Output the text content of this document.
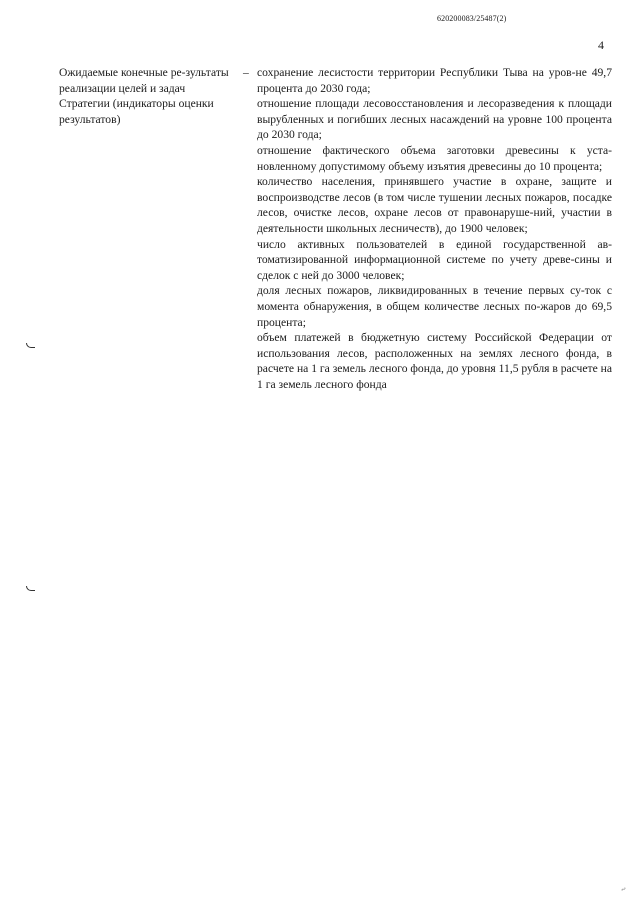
620200083/25487(2)
4

Ожидаемые конечные ре-зультаты реализации целей и задач Стратегии (индикаторы оценки результатов)

– сохранение лесистости территории Республики Тыва на уров-не 49,7 процента до 2030 года;

отношение площади лесовосстановления и лесоразведения к площади вырубленных и погибших лесных насаждений на уровне 100 процента до 2030 года;

отношение фактического объема заготовки древесины к уста-новленному допустимому объему изъятия древесины до 10 процента;

количество населения, принявшего участие в охране, защите и воспроизводстве лесов (в том числе тушении лесных пожаров, посадке лесов, очистке лесов, охране лесов от правонаруше-ний, участии в деятельности школьных лесничеств), до 1900 человек;

число активных пользователей в единой государственной ав-томатизированной информационной системе по учету древе-сины и сделок с ней до 3000 человек;

доля лесных пожаров, ликвидированных в течение первых су-ток с момента обнаружения, в общем количестве лесных по-жаров до 69,5 процента;

объем платежей в бюджетную систему Российской Федерации от использования лесов, расположенных на землях лесного фонда, в расчете на 1 га земель лесного фонда, до уровня 11,5 рубля в расчете на 1 га земель лесного фонда

~
